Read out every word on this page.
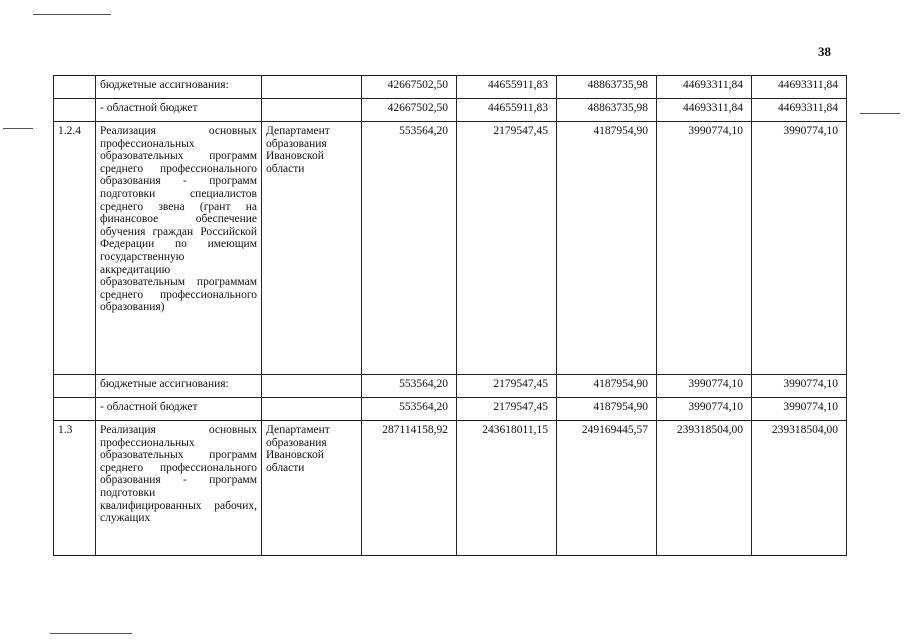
38
	бюджетные ассигнования:		42667502,50	44655911,83	48863735,98	44693311,84	44693311,84
	- областной бюджет		42667502,50	44655911,83	48863735,98	44693311,84	44693311,84
1.2.4	Реализация основных профессиональных образовательных программ среднего профессионального образования - программ подготовки специалистов среднего звена (грант на финансовое обеспечение обучения граждан Российской Федерации по имеющим государственную аккредитацию образовательным программам среднего профессионального образования)	Департамент образования Ивановской области	553564,20	2179547,45	4187954,90	3990774,10	3990774,10
	бюджетные ассигнования:		553564,20	2179547,45	4187954,90	3990774,10	3990774,10
	- областной бюджет		553564,20	2179547,45	4187954,90	3990774,10	3990774,10
1.3	Реализация основных профессиональных образовательных программ среднего профессионального образования - программ подготовки квалифицированных рабочих, служащих	Департамент образования Ивановской области	287114158,92	243618011,15	249169445,57	239318504,00	239318504,00
